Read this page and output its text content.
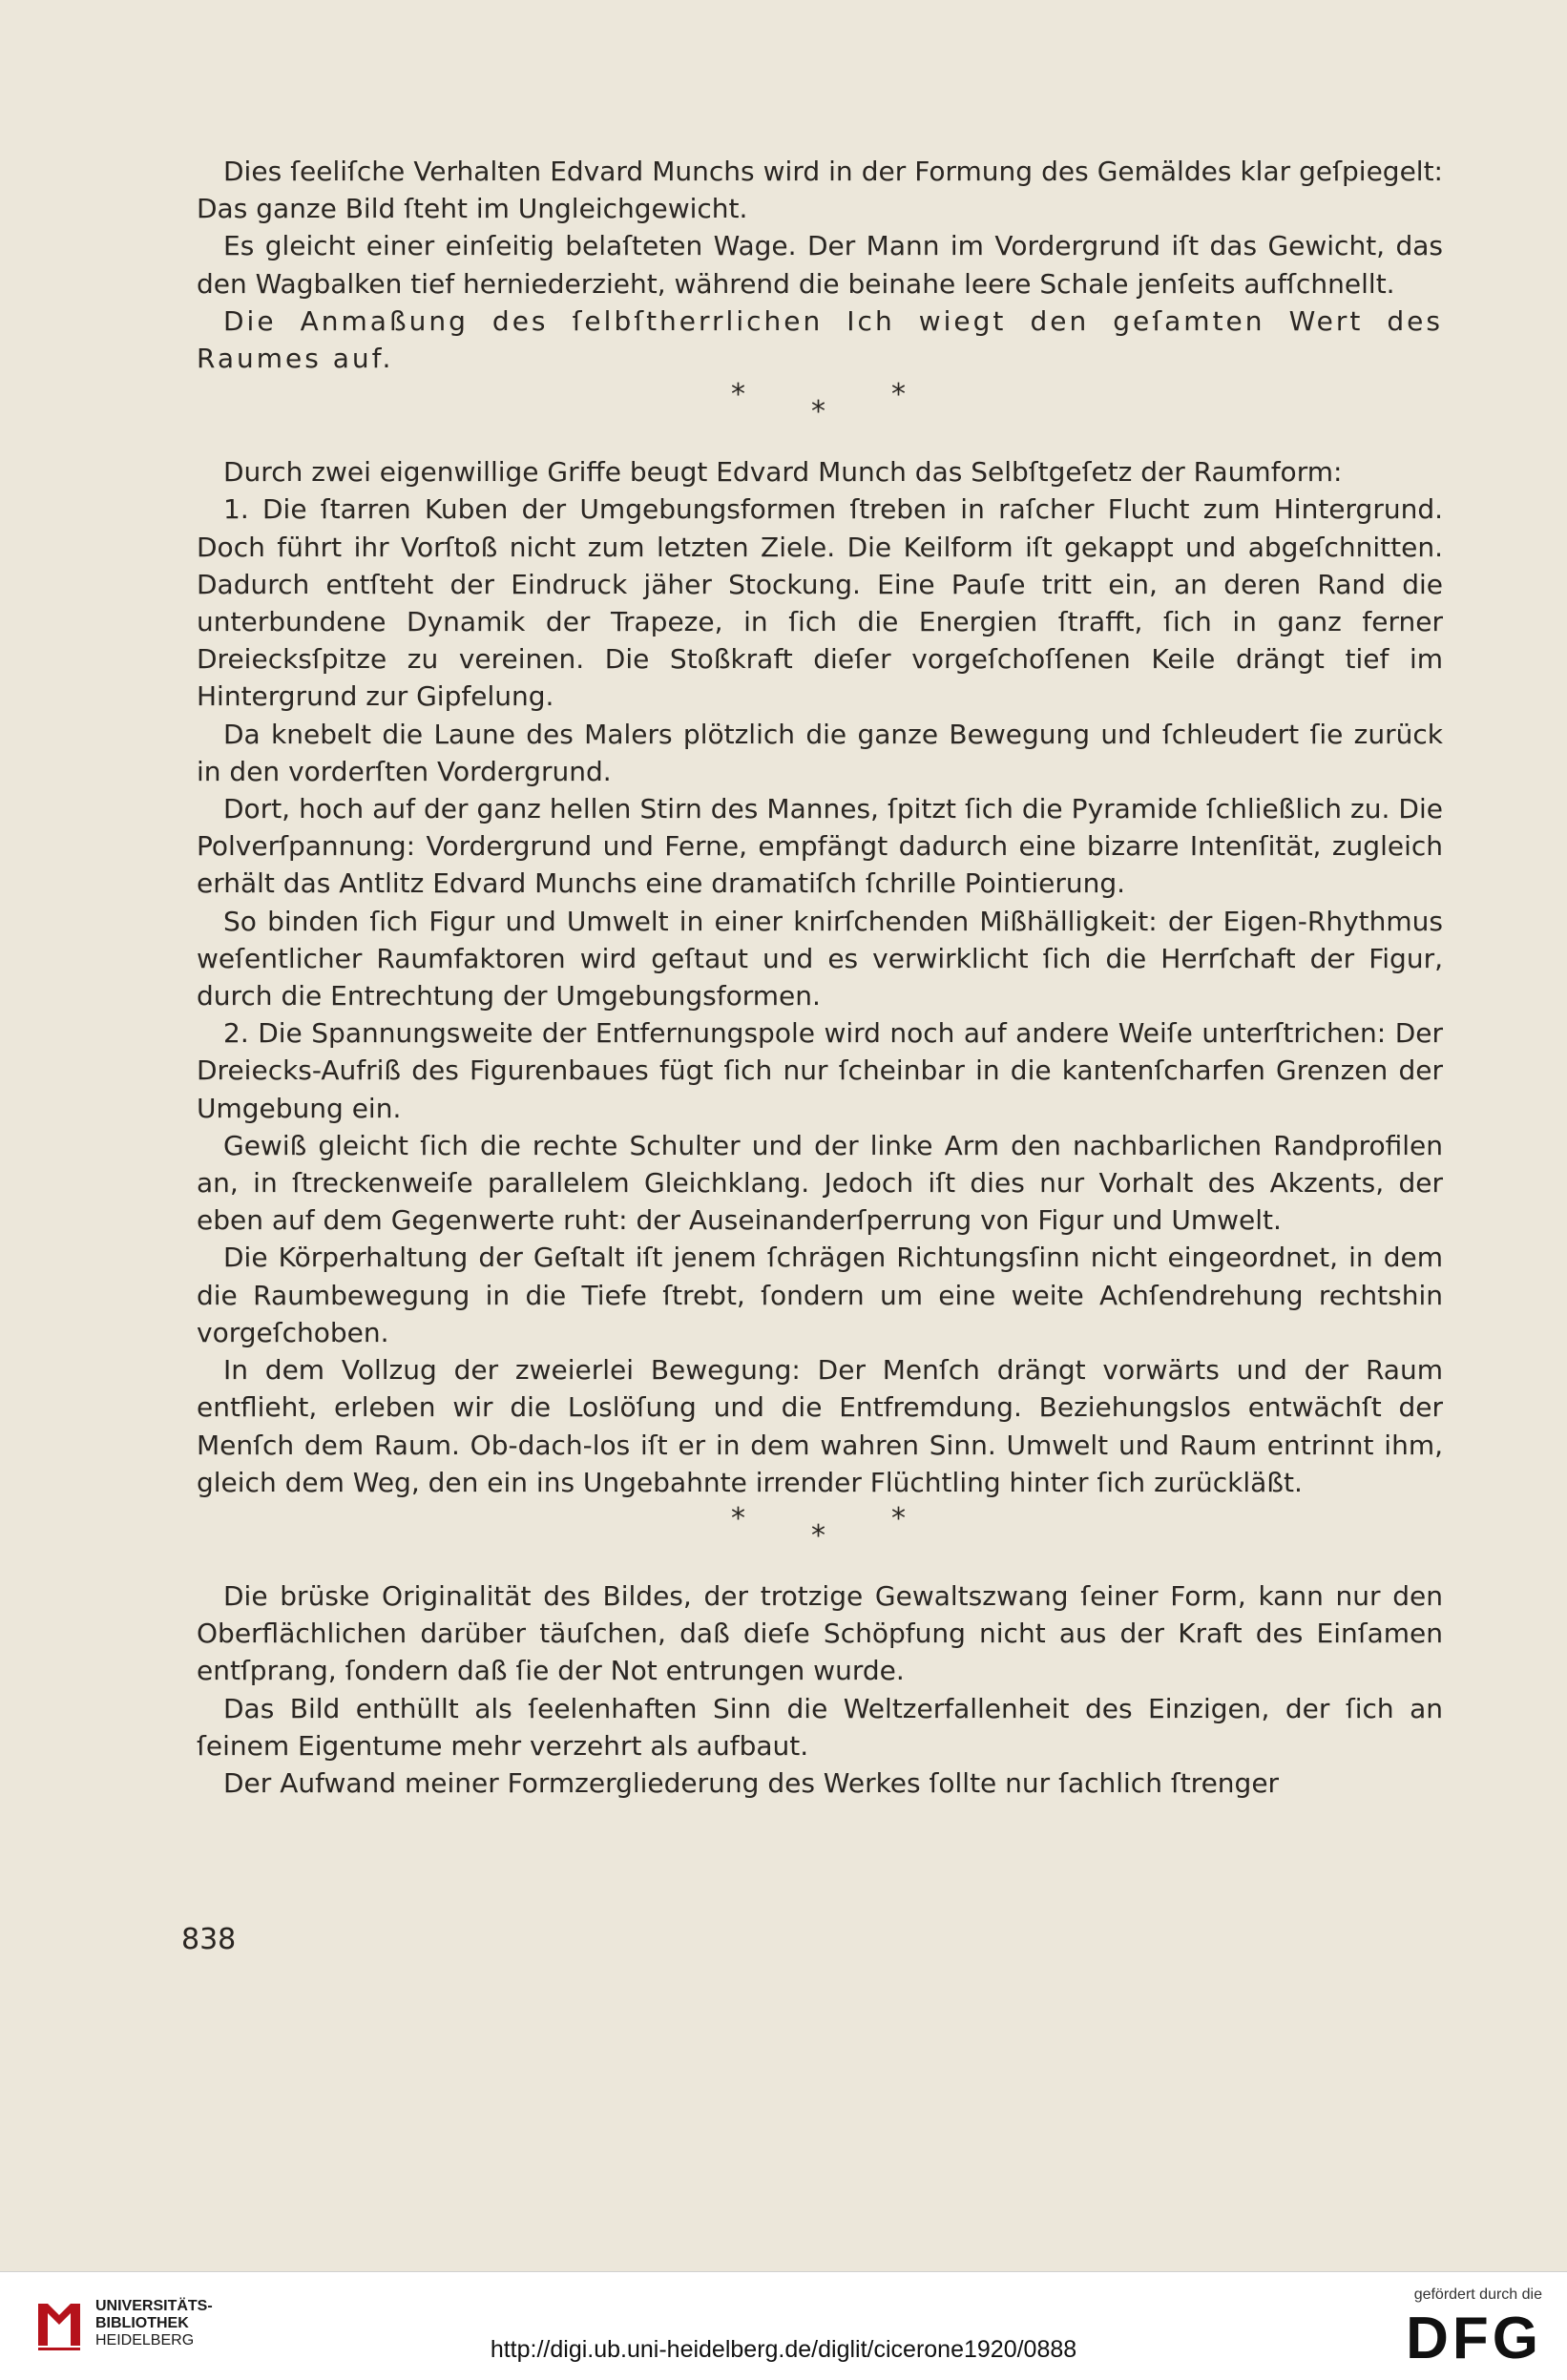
Dies ſeeliſche Verhalten Edvard Munchs wird in der Formung des Gemäldes klar geſpiegelt: Das ganze Bild ſteht im Ungleichgewicht.

Es gleicht einer einſeitig belaſteten Wage. Der Mann im Vordergrund iſt das Gewicht, das den Wagbalken tief herniederzieht, während die beinahe leere Schale jenſeits aufſchnellt.

Die Anmaßung des ſelbſtherrlichen Ich wiegt den geſamten Wert des Raumes auf.

*
*
*

Durch zwei eigenwillige Griffe beugt Edvard Munch das Selbſtgeſetz der Raumform:

1. Die ſtarren Kuben der Umgebungsformen ſtreben in raſcher Flucht zum Hintergrund. Doch führt ihr Vorſtoß nicht zum letzten Ziele. Die Keilform iſt gekappt und abgeſchnitten. Dadurch entſteht der Eindruck jäher Stockung. Eine Pauſe tritt ein, an deren Rand die unterbundene Dynamik der Trapeze, in ſich die Energien ſtrafft, ſich in ganz ferner Dreiecksſpitze zu vereinen. Die Stoßkraft dieſer vorgeſchoſſenen Keile drängt tief im Hintergrund zur Gipfelung.

Da knebelt die Laune des Malers plötzlich die ganze Bewegung und ſchleudert ſie zurück in den vorderſten Vordergrund.

Dort, hoch auf der ganz hellen Stirn des Mannes, ſpitzt ſich die Pyramide ſchließlich zu. Die Polverſpannung: Vordergrund und Ferne, empfängt dadurch eine bizarre Intenſität, zugleich erhält das Antlitz Edvard Munchs eine dramatiſch ſchrille Pointierung.

So binden ſich Figur und Umwelt in einer knirſchenden Mißhälligkeit: der Eigen-Rhythmus weſentlicher Raumfaktoren wird geſtaut und es verwirklicht ſich die Herrſchaft der Figur, durch die Entrechtung der Umgebungsformen.

2. Die Spannungsweite der Entfernungspole wird noch auf andere Weiſe unterſtrichen: Der Dreiecks-Aufriß des Figurenbaues fügt ſich nur ſcheinbar in die kantenſcharfen Grenzen der Umgebung ein.

Gewiß gleicht ſich die rechte Schulter und der linke Arm den nachbarlichen Randprofilen an, in ſtreckenweiſe parallelem Gleichklang. Jedoch iſt dies nur Vorhalt des Akzents, der eben auf dem Gegenwerte ruht: der Auseinanderſperrung von Figur und Umwelt.

Die Körperhaltung der Geſtalt iſt jenem ſchrägen Richtungsſinn nicht eingeordnet, in dem die Raumbewegung in die Tiefe ſtrebt, ſondern um eine weite Achſendrehung rechtshin vorgeſchoben.

In dem Vollzug der zweierlei Bewegung: Der Menſch drängt vorwärts und der Raum entflieht, erleben wir die Loslöſung und die Entfremdung. Beziehungslos entwächſt der Menſch dem Raum. Ob-dach-los iſt er in dem wahren Sinn. Umwelt und Raum entrinnt ihm, gleich dem Weg, den ein ins Ungebahnte irrender Flüchtling hinter ſich zurückläßt.

*
*
*

Die brüske Originalität des Bildes, der trotzige Gewaltszwang ſeiner Form, kann nur den Oberflächlichen darüber täuſchen, daß dieſe Schöpfung nicht aus der Kraft des Einſamen entſprang, ſondern daß ſie der Not entrungen wurde.

Das Bild enthüllt als ſeelenhaften Sinn die Weltzerfallenheit des Einzigen, der ſich an ſeinem Eigentume mehr verzehrt als aufbaut.

Der Aufwand meiner Formzergliederung des Werkes ſollte nur ſachlich ſtrenger

838
UNIVERSITÄTS-
BIBLIOTHEK
HEIDELBERG	http://digi.ub.uni-heidelberg.de/diglit/cicerone1920/0888
gefördert durch die
DFG
